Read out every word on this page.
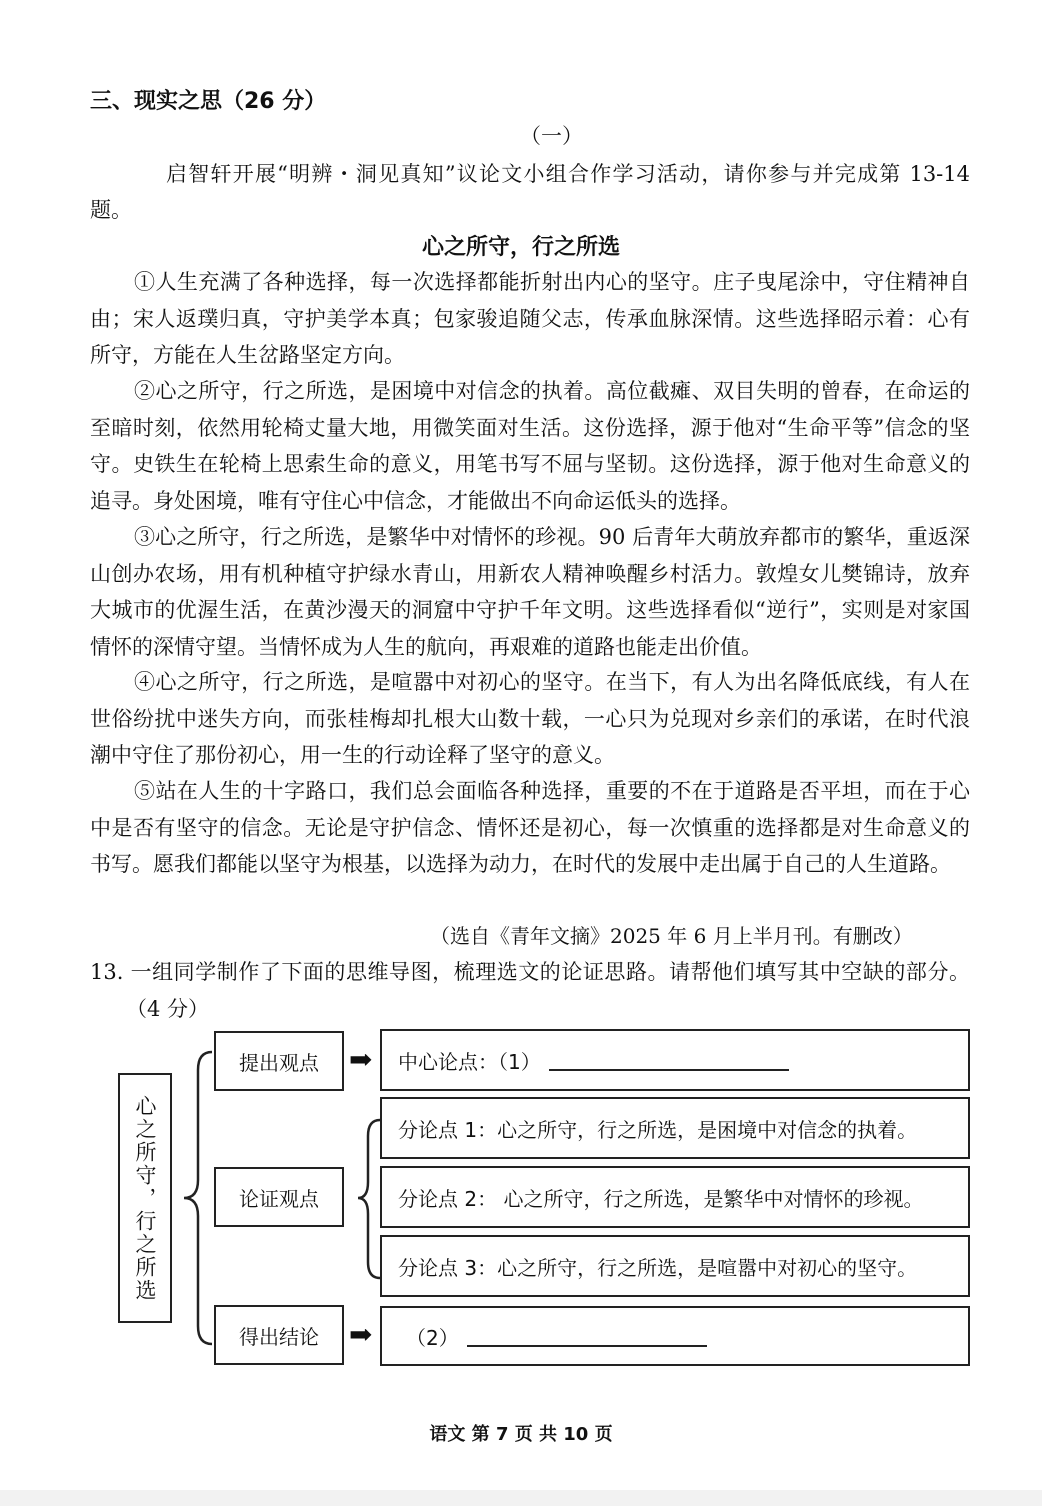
三、现实之思（26 分）
（一）
启智轩开展“明辨・洞见真知”议论文小组合作学习活动，请你参与并完成第 13-14 题。
心之所守，行之所选
①人生充满了各种选择，每一次选择都能折射出内心的坚守。庄子曳尾涂中，守住精神自由；宋人返璞归真，守护美学本真；包家骏追随父志，传承血脉深情。这些选择昭示着：心有所守，方能在人生岔路坚定方向。
②心之所守，行之所选，是困境中对信念的执着。高位截瘫、双目失明的曾春，在命运的至暗时刻，依然用轮椅丈量大地，用微笑面对生活。这份选择，源于他对“生命平等”信念的坚守。史铁生在轮椅上思索生命的意义，用笔书写不屈与坚韧。这份选择，源于他对生命意义的追寻。身处困境，唯有守住心中信念，才能做出不向命运低头的选择。
③心之所守，行之所选，是繁华中对情怀的珍视。90 后青年大萌放弃都市的繁华，重返深山创办农场，用有机种植守护绿水青山，用新农人精神唤醒乡村活力。敦煌女儿樊锦诗，放弃大城市的优渥生活，在黄沙漫天的洞窟中守护千年文明。这些选择看似“逆行”，实则是对家国情怀的深情守望。当情怀成为人生的航向，再艰难的道路也能走出价值。
④心之所守，行之所选，是喧嚣中对初心的坚守。在当下，有人为出名降低底线，有人在世俗纷扰中迷失方向，而张桂梅却扎根大山数十载，一心只为兑现对乡亲们的承诺，在时代浪潮中守住了那份初心，用一生的行动诠释了坚守的意义。
⑤站在人生的十字路口，我们总会面临各种选择，重要的不在于道路是否平坦，而在于心中是否有坚守的信念。无论是守护信念、情怀还是初心，每一次慎重的选择都是对生命意义的书写。愿我们都能以坚守为根基，以选择为动力，在时代的发展中走出属于自己的人生道路。
（选自《青年文摘》2025 年 6 月上半月刊。有删改）
13. 一组同学制作了下面的思维导图，梳理选文的论证思路。请帮他们填写其中空缺的部分。（4 分）
心之所守，行之所选
提出观点
论证观点
得出结论
➡
➡
中心论点：（1）
分论点 1：心之所守，行之所选，是困境中对信念的执着。
分论点 2： 心之所守，行之所选，是繁华中对情怀的珍视。
分论点 3：心之所守，行之所选，是喧嚣中对初心的坚守。
（2）
语文 第 7 页 共 10 页
